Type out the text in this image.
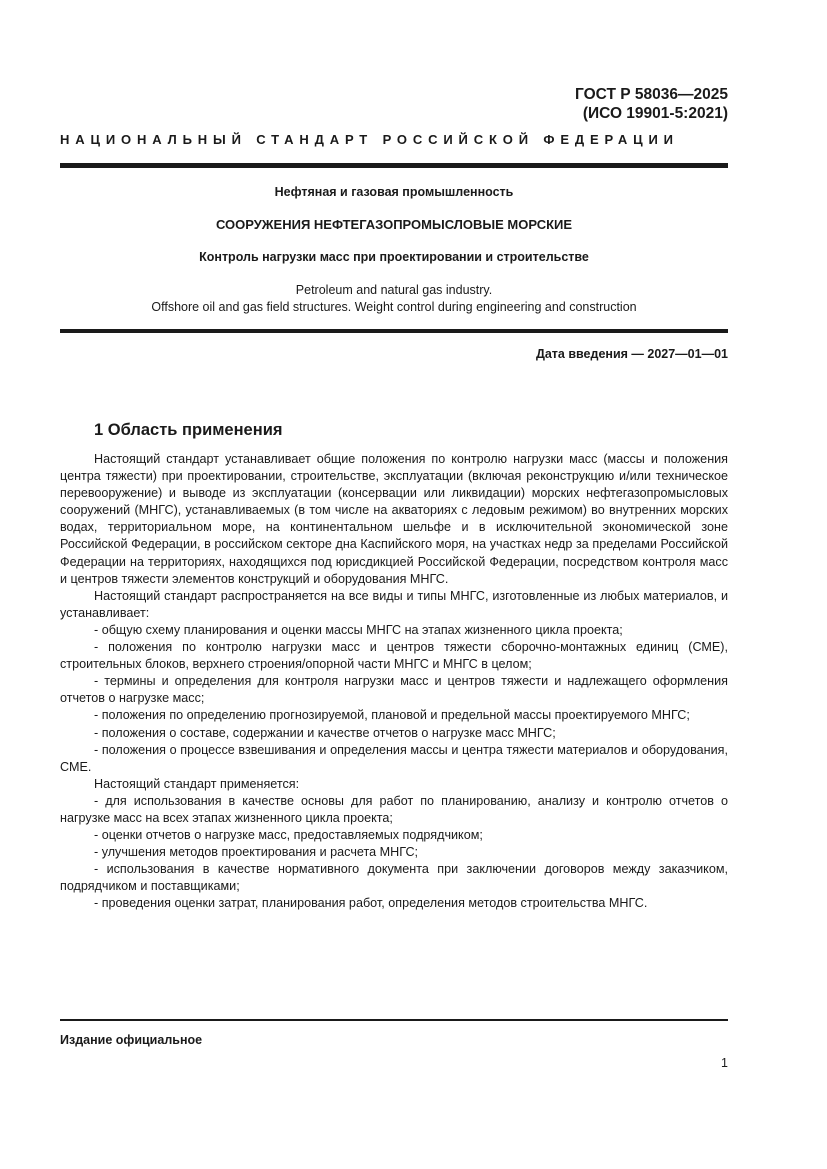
ГОСТ Р 58036—2025
(ИСО 19901-5:2021)
НАЦИОНАЛЬНЫЙ СТАНДАРТ РОССИЙСКОЙ ФЕДЕРАЦИИ
Нефтяная и газовая промышленность
СООРУЖЕНИЯ НЕФТЕГАЗОПРОМЫСЛОВЫЕ МОРСКИЕ
Контроль нагрузки масс при проектировании и строительстве
Petroleum and natural gas industry.
Offshore oil and gas field structures. Weight control during engineering and construction
Дата введения — 2027—01—01
1 Область применения

Настоящий стандарт устанавливает общие положения по контролю нагрузки масс (массы и положения центра тяжести) при проектировании, строительстве, эксплуатации (включая реконструкцию и/или техническое перевооружение) и выводе из эксплуатации (консервации или ликвидации) морских нефтегазопромысловых сооружений (МНГС), устанавливаемых (в том числе на акваториях с ледовым режимом) во внутренних морских водах, территориальном море, на континентальном шельфе и в исключительной экономической зоне Российской Федерации, в российском секторе дна Каспийского моря, на участках недр за пределами Российской Федерации на территориях, находящихся под юрисдикцией Российской Федерации, посредством контроля масс и центров тяжести элементов конструкций и оборудования МНГС.

Настоящий стандарт распространяется на все виды и типы МНГС, изготовленные из любых материалов, и устанавливает:

- общую схему планирования и оценки массы МНГС на этапах жизненного цикла проекта;

- положения по контролю нагрузки масс и центров тяжести сборочно-монтажных единиц (СМЕ), строительных блоков, верхнего строения/опорной части МНГС и МНГС в целом;

- термины и определения для контроля нагрузки масс и центров тяжести и надлежащего оформления отчетов о нагрузке масс;

- положения по определению прогнозируемой, плановой и предельной массы проектируемого МНГС;

- положения о составе, содержании и качестве отчетов о нагрузке масс МНГС;

- положения о процессе взвешивания и определения массы и центра тяжести материалов и оборудования, СМЕ.

Настоящий стандарт применяется:

- для использования в качестве основы для работ по планированию, анализу и контролю отчетов о нагрузке масс на всех этапах жизненного цикла проекта;

- оценки отчетов о нагрузке масс, предоставляемых подрядчиком;

- улучшения методов проектирования и расчета МНГС;

- использования в качестве нормативного документа при заключении договоров между заказчиком, подрядчиком и поставщиками;

- проведения оценки затрат, планирования работ, определения методов строительства МНГС.

Издание официальное
1
